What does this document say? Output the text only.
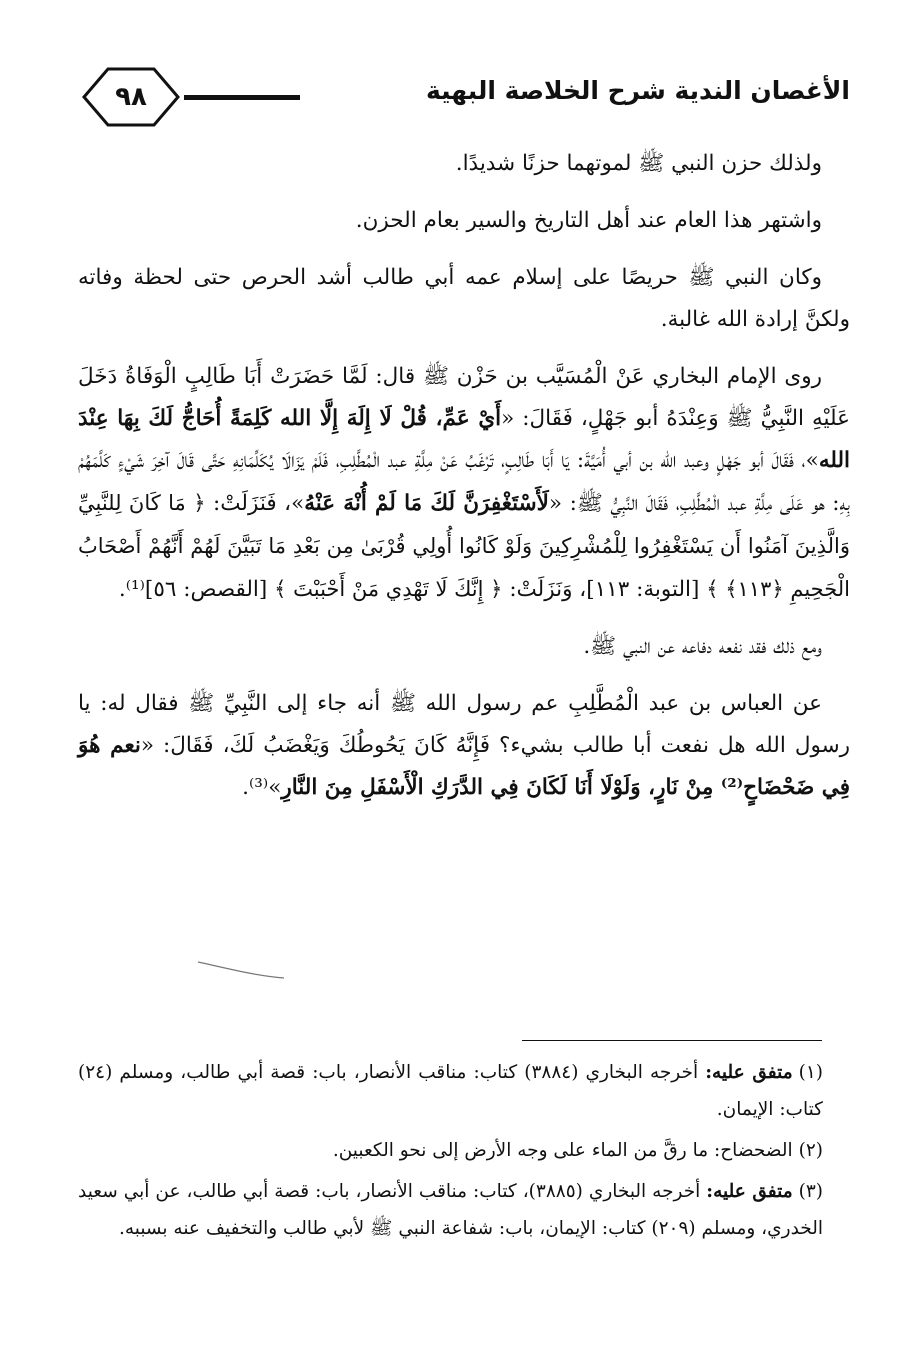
٩٨	الأغصان الندية شرح الخلاصة البهية

ولذلك حزن النبي ﷺ لموتهما حزنًا شديدًا.

واشتهر هذا العام عند أهل التاريخ والسير بعام الحزن.

وكان النبي ﷺ حريصًا على إسلام عمه أبي طالب أشد الحرص حتى لحظة وفاته ولكنَّ إرادة الله غالبة.

روى الإمام البخاري عَنْ الْمُسَيَّب بن حَزْن ﷺ قال: لَمَّا حَضَرَتْ أَبَا طَالِبٍ الْوَفَاةُ دَخَلَ عَلَيْهِ النَّبِيُّ ﷺ وَعِنْدَهُ أبو جَهْلٍ، فَقَالَ: «أَيْ عَمِّ، قُلْ لَا إِلَهَ إِلَّا الله كَلِمَةً أُحَاجُّ لَكَ بِهَا عِنْدَ الله»، فَقَالَ أبو جَهْلٍ وعبد الله بن أبي أُمَيَّةَ: يَا أَبَا طَالِبٍ، تَرْغَبُ عَنْ مِلَّةِ عبد الْمُطَّلِبِ، فَلَمْ يَزَالَا يُكَلِّمَانِهِ حَتَّى قَالَ آخِرَ شَيْءٍ كَلَّمَهُمْ بِهِ: هو عَلَى مِلَّةِ عبد الْمُطَّلِبِ، فَقَالَ النَّبِيُّ ﷺ: «لَأَسْتَغْفِرَنَّ لَكَ مَا لَمْ أُنْهَ عَنْهُ»، فَنَزَلَتْ: ﴿ مَا كَانَ لِلنَّبِيِّ وَالَّذِينَ آمَنُوا أَن يَسْتَغْفِرُوا لِلْمُشْرِكِينَ وَلَوْ كَانُوا أُولِي قُرْبَىٰ مِن بَعْدِ مَا تَبَيَّنَ لَهُمْ أَنَّهُمْ أَصْحَابُ الْجَحِيمِ ﴿١١٣﴾ ﴾ [التوبة: ١١٣]، وَنَزَلَتْ: ﴿ إِنَّكَ لَا تَهْدِي مَنْ أَحْبَبْتَ ﴾ [القصص: ٥٦]⁽¹⁾.

ومع ذلك فقد نفعه دفاعه عن النبي ﷺ.

عن العباس بن عبد الْمُطَّلِبِ عم رسول الله ﷺ أنه جاء إلى النَّبِيِّ ﷺ فقال له: يا رسول الله هل نفعت أبا طالب بشيء؟ فَإِنَّهُ كَانَ يَحُوطُكَ وَيَغْضَبُ لَكَ، فَقَالَ: «نعم هُوَ فِي ضَحْضَاحٍ⁽²⁾ مِنْ نَارٍ، وَلَوْلَا أَنَا لَكَانَ فِي الدَّرَكِ الْأَسْفَلِ مِنَ النَّارِ»⁽³⁾.

(١)متفق عليه: أخرجه البخاري (٣٨٨٤) كتاب: مناقب الأنصار، باب: قصة أبي طالب، ومسلم (٢٤) كتاب: الإيمان.

(٢)الضحضاح: ما رقَّ من الماء على وجه الأرض إلى نحو الكعبين.

(٣)متفق عليه: أخرجه البخاري (٣٨٨٥)، كتاب: مناقب الأنصار، باب: قصة أبي طالب، عن أبي سعيد الخدري، ومسلم (٢٠٩) كتاب: الإيمان، باب: شفاعة النبي ﷺ لأبي طالب والتخفيف عنه بسببه.
